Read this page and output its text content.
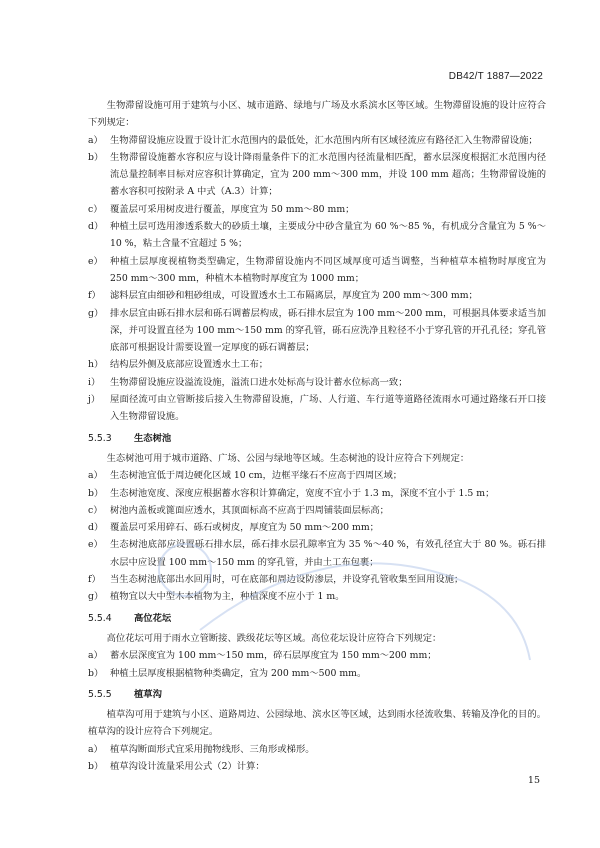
DB42/T 1887—2022

生物滞留设施可用于建筑与小区、城市道路、绿地与广场及水系滨水区等区域。生物滞留设施的设计应符合下列规定：

a） 生物滞留设施应设置于设计汇水范围内的最低处，汇水范围内所有区域径流应有路径汇入生物滞留设施；
b） 生物滞留设施蓄水容积应与设计降雨量条件下的汇水范围内径流量相匹配，蓄水层深度根据汇水范围内径流总量控制率目标对应容积计算确定，宜为 200 mm～300 mm，并设 100 mm 超高；生物滞留设施的蓄水容积可按附录 A 中式（A.3）计算；
c） 覆盖层可采用树皮进行覆盖，厚度宜为 50 mm～80 mm；
d） 种植土层可选用渗透系数大的砂质土壤，主要成分中砂含量宜为 60 %～85 %，有机成分含量宜为 5 %～10 %，粘土含量不宜超过 5 %；
e） 种植土层厚度视植物类型确定，生物滞留设施内不同区域厚度可适当调整，当种植草本植物时厚度宜为 250 mm～300 mm，种植木本植物时厚度宜为 1000 mm；
f） 滤料层宜由细砂和粗砂组成，可设置透水土工布隔离层，厚度宜为 200 mm～300 mm；
g） 排水层宜由砾石排水层和砾石调蓄层构成，砾石排水层宜为 100 mm～200 mm，可根据具体要求适当加深，并可设置直径为 100 mm～150 mm 的穿孔管，砾石应洗净且粒径不小于穿孔管的开孔孔径；穿孔管底部可根据设计需要设置一定厚度的砾石调蓄层；
h） 结构层外侧及底部应设置透水土工布；
i）	生物滞留设施应设溢流设施，溢流口进水处标高与设计蓄水位标高一致；
j）	屋面径流可由立管断接后接入生物滞留设施，广场、人行道、车行道等道路径流雨水可通过路缘石开口接入生物滞留设施。
5.5.3	生态树池

生态树池可用于城市道路、广场、公园与绿地等区域。生态树池的设计应符合下列规定：

a） 生态树池宜低于周边硬化区域 10 cm，边框平缘石不应高于四周区域；
b） 生态树池宽度、深度应根据蓄水容积计算确定，宽度不宜小于 1.3 m，深度不宜小于 1.5 m；
c） 树池内盖板或篦面应透水，其顶面标高不应高于四周铺装面层标高；
d） 覆盖层可采用碎石、砾石或树皮，厚度宜为 50 mm～200 mm；
e） 生态树池底部应设置砾石排水层，砾石排水层孔隙率宜为 35 %～40 %，有效孔径宜大于 80 %。砾石排水层中应设置 100 mm～150 mm 的穿孔管，并由土工布包裹；
f） 当生态树池底部出水回用时，可在底部和周边设防渗层，并设穿孔管收集至回用设施；
g） 植物宜以大中型木本植物为主，种植深度不应小于 1 m。
5.5.4	高位花坛

高位花坛可用于雨水立管断接、跌级花坛等区域。高位花坛设计应符合下列规定：

a） 蓄水层深度宜为 100 mm～150 mm，碎石层厚度宜为 150 mm～200 mm；
b） 种植土层厚度根据植物种类确定，宜为 200 mm～500 mm。
5.5.5	植草沟

植草沟可用于建筑与小区、道路周边、公园绿地、滨水区等区域，达到雨水径流收集、转输及净化的目的。植草沟的设计应符合下列规定。

a） 植草沟断面形式宜采用抛物线形、三角形或梯形。
b） 植草沟设计流量采用公式（2）计算：
15
